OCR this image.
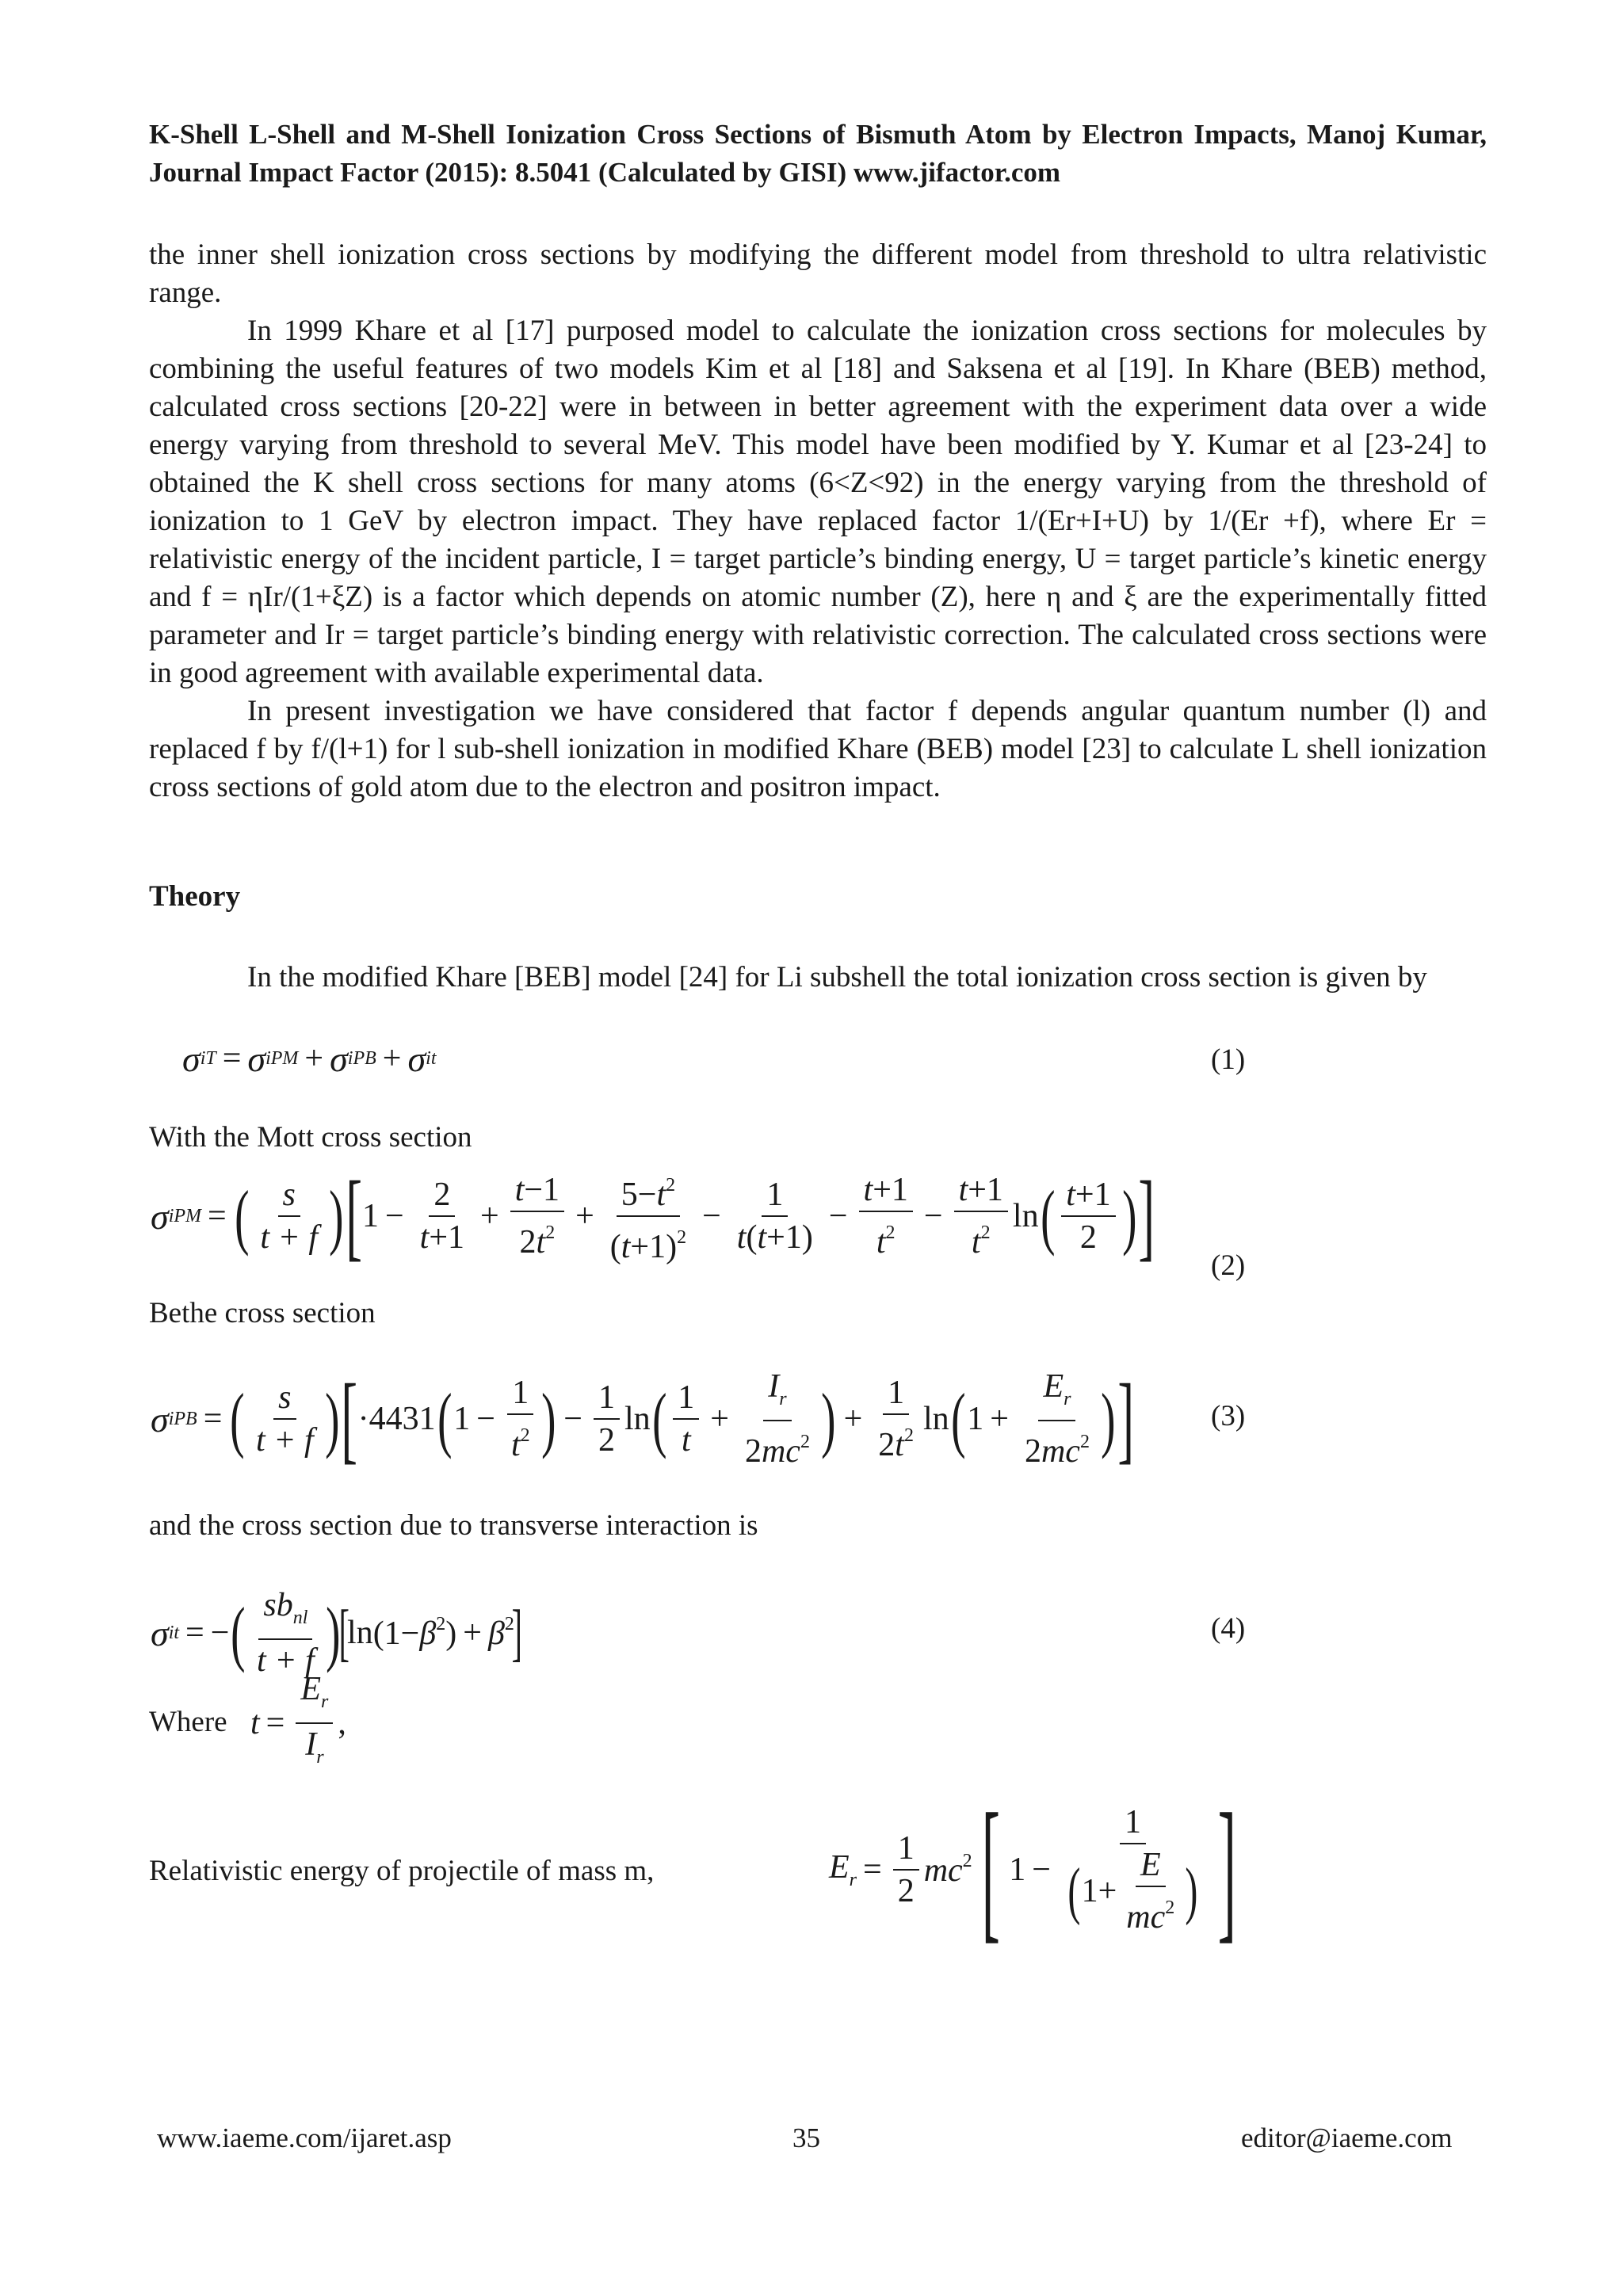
K-Shell L-Shell and M-Shell Ionization Cross Sections of Bismuth Atom by Electron Impacts, Manoj Kumar, Journal Impact Factor (2015): 8.5041 (Calculated by GISI) www.jifactor.com

the inner shell ionization cross sections by modifying the different model from threshold to ultra relativistic range.

In 1999 Khare et al [17] purposed model to calculate the ionization cross sections for molecules by combining the useful features of two models Kim et al [18] and Saksena et al [19]. In Khare (BEB) method, calculated cross sections [20-22] were in between in better agreement with the experiment data over a wide energy varying from threshold to several MeV. This model have been modified by Y. Kumar et al [23-24] to obtained the K shell cross sections for many atoms (6<Z<92) in the energy varying from the threshold of ionization to 1 GeV by electron impact. They have replaced factor 1/(Er+I+U) by 1/(Er +f), where Er = relativistic energy of the incident particle, I = target particle’s binding energy, U = target particle’s kinetic energy and f = ηIr/(1+ξZ) is a factor which depends on atomic number (Z), here η and ξ are the experimentally fitted parameter and Ir = target particle’s binding energy with relativistic correction. The calculated cross sections were in good agreement with available experimental data.

In present investigation we have considered that factor f depends angular quantum number (l) and replaced f by f/(l+1) for l sub-shell ionization in modified Khare (BEB) model [23] to calculate L shell ionization cross sections of gold atom due to the electron and positron impact.

Theory

In the modified Khare [BEB] model [24] for Li subshell the total ionization cross section is given by

σ iT = σ iPM + σ iPB + σ it	(1)
With the Mott cross section
σ iPM = ( $\frac{s}{t + f}$ ) [ $1 - \frac{2}{t+1} + \frac{t-1}{2t^2} + \frac{5-t^2}{(t+1)^2} - \frac{1}{t(t+1)} - \frac{t+1}{t^2} - \frac{t+1}{t^2}$ ln ( $\frac{t+1}{2}$ ) ] (2)
Bethe cross section
σ iPB = ( $\frac{s}{t + f}$ ) [ ·4431 ( $1 - \frac{1}{t^2}$ ) − $\frac{1}{2}$ ln ( $\frac{1}{t} + \frac{I_r}{2mc^2}$ ) + $\frac{1}{2t^2}$ ln ( $1 + \frac{E_r}{2mc^2}$ ) ]	(3)
and the cross section due to transverse interaction is
σ it = − ( $\frac{sb_{nl}}{t + f}$ )
[
$\ln (1-\beta^2) + \beta^2$
]	(4)
Where $t = \frac{E_r}{I_r}$ ,
Relativistic energy of projectile of mass m,	$E_r = \frac{1}{2} mc^2$ [ $1 - \frac{1}{( 1+ \frac{E}{mc^2} )}$ ]
www.iaeme.com/ijaret.asp	35	editor@iaeme.com
